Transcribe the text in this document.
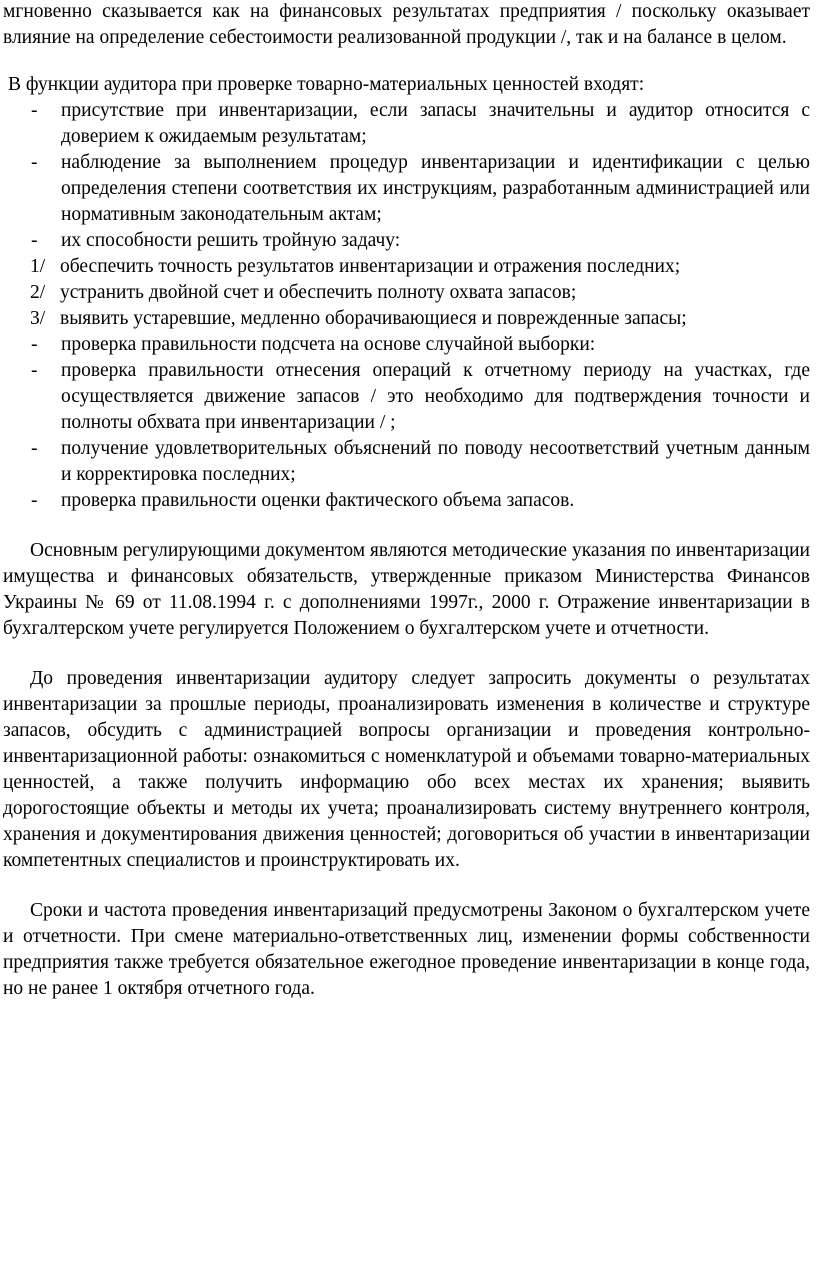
мгновенно сказывается как на финансовых результатах предприятия / поскольку оказывает влияние на определение себестоимости реализованной продукции /, так и на балансе в целом.

В функции аудитора при проверке товарно-материальных ценностей входят:

- присутствие при инвентаризации, если запасы значительны и аудитор относится с доверием к ожидаемым результатам;
- наблюдение за выполнением процедур инвентаризации и идентификации с целью определения степени соответствия их инструкциям, разработанным администрацией или нормативным законодательным актам;
- их способности решить тройную задачу:
1/ обеспечить точность результатов инвентаризации и отражения последних;
2/ устранить двойной счет и обеспечить полноту охвата запасов;
3/ выявить устаревшие, медленно оборачивающиеся и поврежденные запасы;
- проверка правильности подсчета на основе случайной выборки:
- проверка правильности отнесения операций к отчетному периоду на участках, где осуществляется движение запасов / это необходимо для подтверждения точности и полноты обхвата при инвентаризации / ;
- получение удовлетворительных объяснений по поводу несоответствий учетным данным и корректировка последних;
- проверка правильности оценки фактического объема запасов.

Основным регулирующими документом являются методические указания по инвентаризации имущества и финансовых обязательств, утвержденные приказом Министерства Финансов Украины № 69 от 11.08.1994 г. с дополнениями 1997г., 2000 г. Отражение инвентаризации в бухгалтерском учете регулируется Положением о бухгалтерском учете и отчетности.

До проведения инвентаризации аудитору следует запросить документы о результатах инвентаризации за прошлые периоды, проанализировать изменения в количестве и структуре запасов, обсудить с администрацией вопросы организации и проведения контрольно-инвентаризационной работы: ознакомиться с номенклатурой и объемами товарно-материальных ценностей, а также получить информацию обо всех местах их хранения; выявить дорогостоящие объекты и методы их учета; проанализировать систему внутреннего контроля, хранения и документирования движения ценностей; договориться об участии в инвентаризации компетентных специалистов и проинструктировать их.

Сроки и частота проведения инвентаризаций предусмотрены Законом о бухгалтерском учете и отчетности. При смене материально-ответственных лиц, изменении формы собственности предприятия также требуется обязательное ежегодное проведение инвентаризации в конце года, но не ранее 1 октября отчетного года.
